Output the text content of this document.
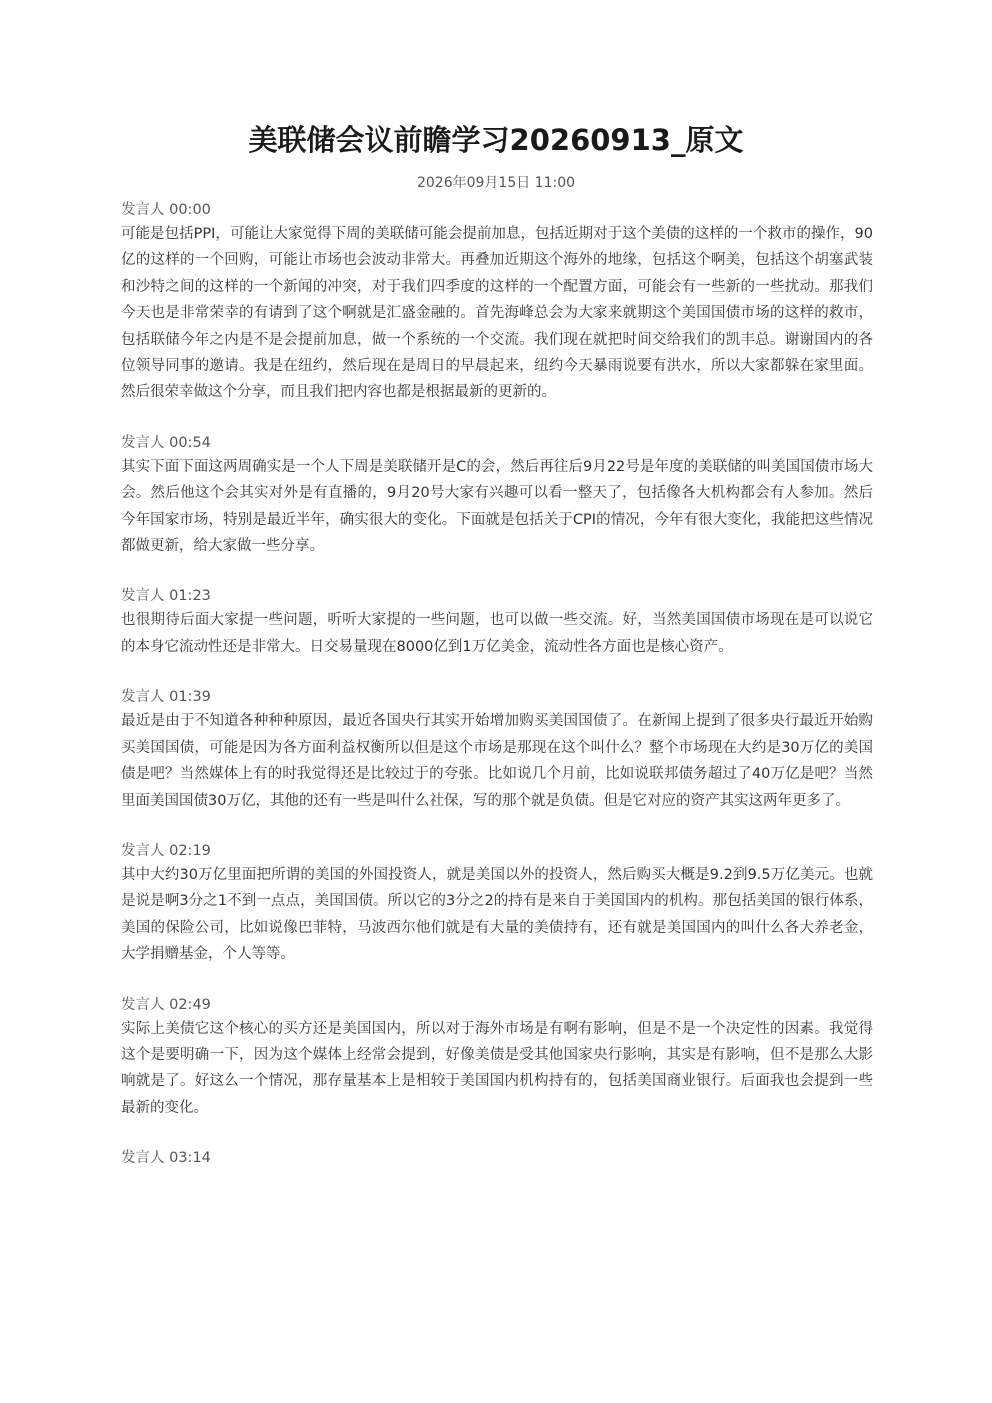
美联储会议前瞻学习20260913_原文
2026年09月15日 11:00
发言人 00:00

可能是包括PPI，可能让大家觉得下周的美联储可能会提前加息，包括近期对于这个美债的这样的一个救市的操作，90亿的这样的一个回购，可能让市场也会波动非常大。再叠加近期这个海外的地缘，包括这个啊美，包括这个胡塞武装和沙特之间的这样的一个新闻的冲突，对于我们四季度的这样的一个配置方面，可能会有一些新的一些扰动。那我们今天也是非常荣幸的有请到了这个啊就是汇盛金融的。首先海峰总会为大家来就期这个美国国债市场的这样的救市，包括联储今年之内是不是会提前加息，做一个系统的一个交流。我们现在就把时间交给我们的凯丰总。谢谢国内的各位领导同事的邀请。我是在纽约，然后现在是周日的早晨起来，纽约今天暴雨说要有洪水，所以大家都躲在家里面。然后很荣幸做这个分享，而且我们把内容也都是根据最新的更新的。

发言人 00:54

其实下面下面这两周确实是一个人下周是美联储开是C的会，然后再往后9月22号是年度的美联储的叫美国国债市场大会。然后他这个会其实对外是有直播的，9月20号大家有兴趣可以看一整天了，包括像各大机构都会有人参加。然后今年国家市场，特别是最近半年，确实很大的变化。下面就是包括关于CPI的情况，今年有很大变化，我能把这些情况都做更新，给大家做一些分享。

发言人 01:23

也很期待后面大家提一些问题，听听大家提的一些问题，也可以做一些交流。好，当然美国国债市场现在是可以说它的本身它流动性还是非常大。日交易量现在8000亿到1万亿美金，流动性各方面也是核心资产。

发言人 01:39

最近是由于不知道各种种种原因，最近各国央行其实开始增加购买美国国债了。在新闻上提到了很多央行最近开始购买美国国债，可能是因为各方面利益权衡所以但是这个市场是那现在这个叫什么？整个市场现在大约是30万亿的美国债是吧？当然媒体上有的时我觉得还是比较过于的夸张。比如说几个月前，比如说联邦债务超过了40万亿是吧？当然里面美国国债30万亿，其他的还有一些是叫什么社保，写的那个就是负债。但是它对应的资产其实这两年更多了。

发言人 02:19

其中大约30万亿里面把所谓的美国的外国投资人，就是美国以外的投资人，然后购买大概是9.2到9.5万亿美元。也就是说是啊3分之1不到一点点，美国国债。所以它的3分之2的持有是来自于美国国内的机构。那包括美国的银行体系，美国的保险公司，比如说像巴菲特，马波西尔他们就是有大量的美债持有，还有就是美国国内的叫什么各大养老金，大学捐赠基金，个人等等。

发言人 02:49

实际上美债它这个核心的买方还是美国国内，所以对于海外市场是有啊有影响，但是不是一个决定性的因素。我觉得这个是要明确一下，因为这个媒体上经常会提到，好像美债是受其他国家央行影响，其实是有影响，但不是那么大影响就是了。好这么一个情况，那存量基本上是相较于美国国内机构持有的，包括美国商业银行。后面我也会提到一些最新的变化。

发言人 03:14
